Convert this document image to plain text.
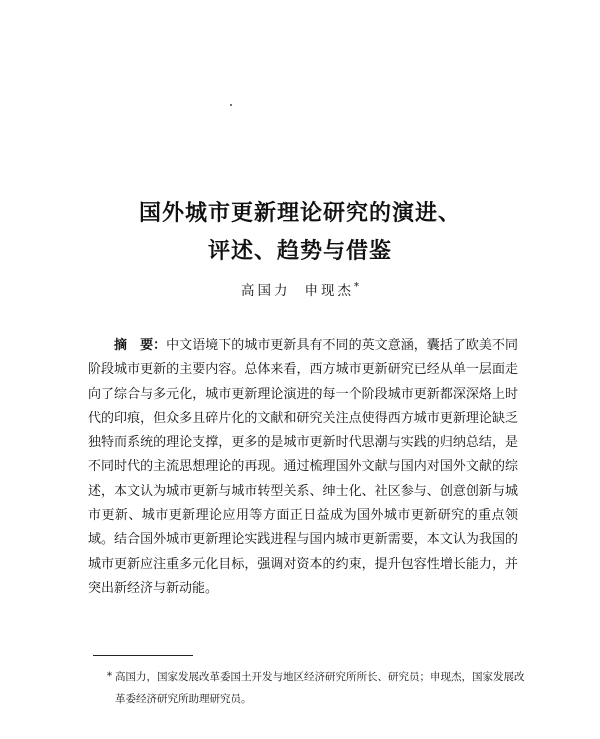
国外城市更新理论研究的演进、
评述、趋势与借鉴
高国力 申现杰*

摘　要：中文语境下的城市更新具有不同的英文意涵，囊括了欧美不同阶段城市更新的主要内容。总体来看，西方城市更新研究已经从单一层面走向了综合与多元化，城市更新理论演进的每一个阶段城市更新都深深烙上时代的印痕，但众多且碎片化的文献和研究关注点使得西方城市更新理论缺乏独特而系统的理论支撑，更多的是城市更新时代思潮与实践的归纳总结，是不同时代的主流思想理论的再现。通过梳理国外文献与国内对国外文献的综述，本文认为城市更新与城市转型关系、绅士化、社区参与、创意创新与城市更新、城市更新理论应用等方面正日益成为国外城市更新研究的重点领域。结合国外城市更新理论实践进程与国内城市更新需要，本文认为我国的城市更新应注重多元化目标，强调对资本的约束，提升包容性增长能力，并突出新经济与新动能。

* 高国力，国家发展改革委国土开发与地区经济研究所所长、研究员；申现杰，国家发展改革委经济研究所助理研究员。
